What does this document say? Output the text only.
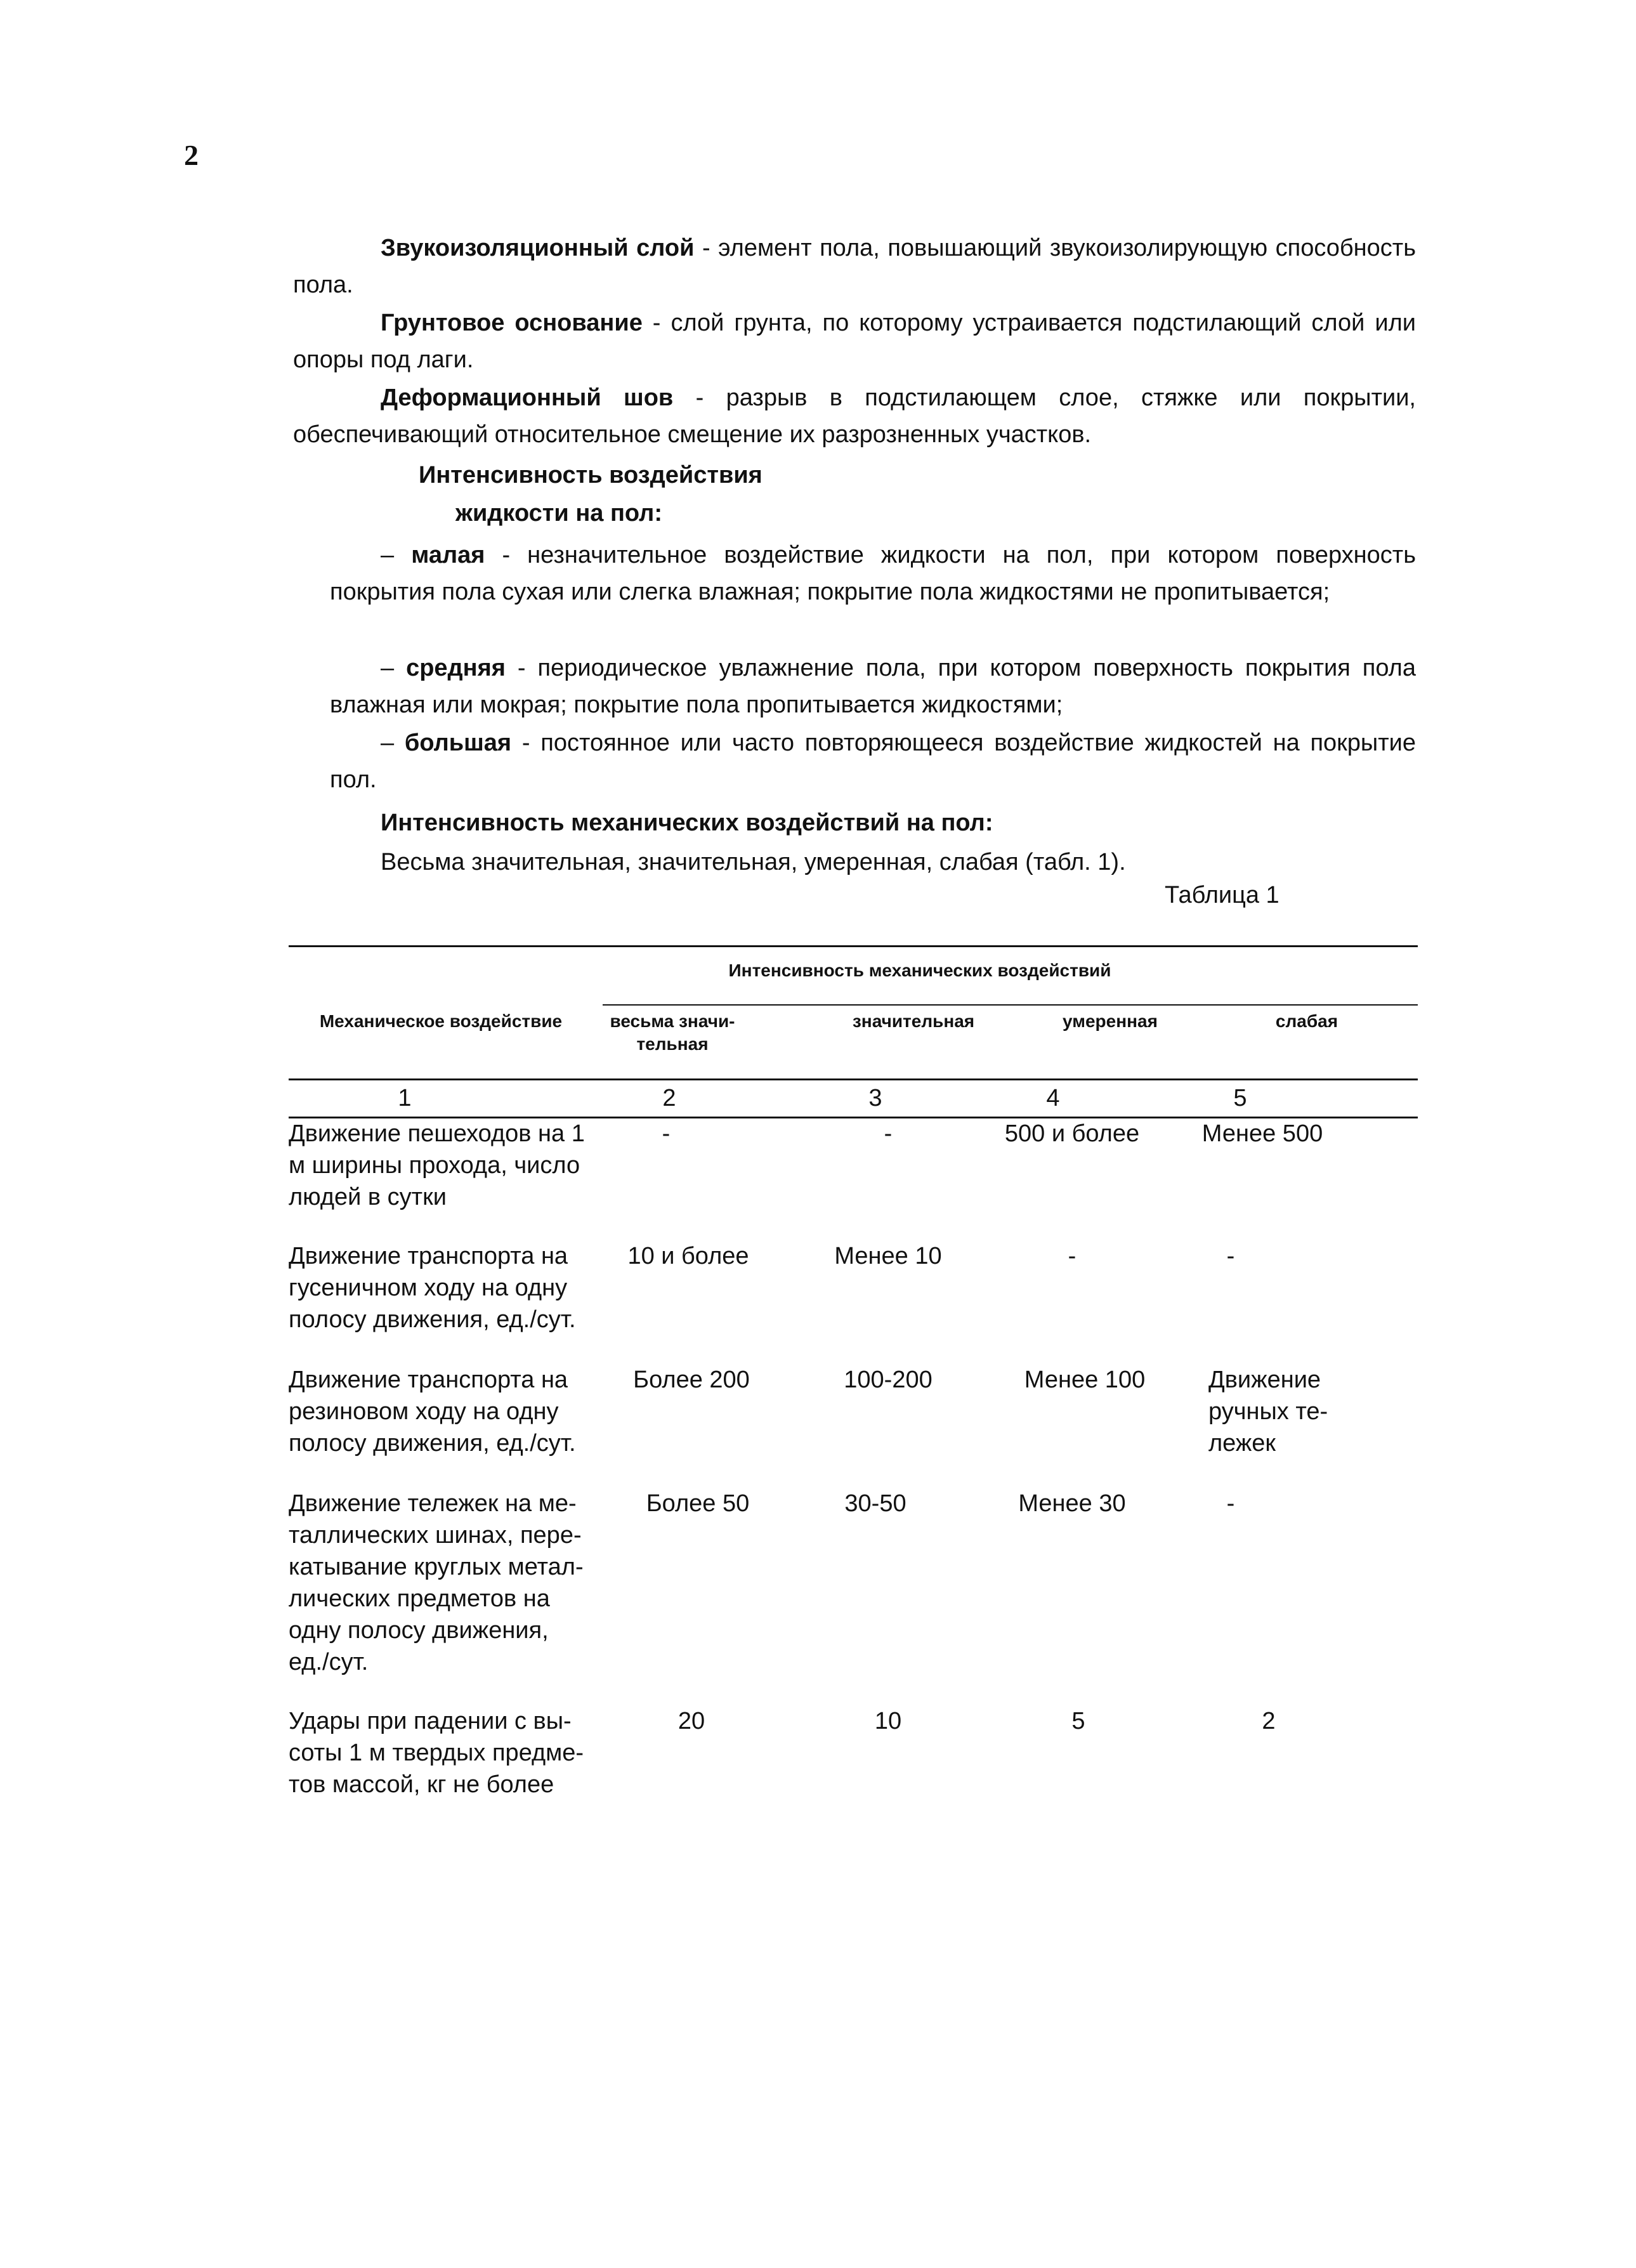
2
Звукоизоляционный слой - элемент пола, повышающий звукоизолирующую способность пола.
Грунтовое основание - слой грунта, по которому устраивается подстилающий слой или опоры под лаги.
Деформационный шов - разрыв в подстилающем слое, стяжке или покрытии, обеспечивающий относительное смещение их разрозненных участков.
Интенсивность воздействия
жидкости на пол:
– малая - незначительное воздействие жидкости на пол, при котором поверхность покрытия пола сухая или слегка влажная; покрытие пола жидкостями не пропитывается;
– средняя - периодическое увлажнение пола, при котором поверхность покрытия пола влажная или мокрая; покрытие пола пропитывается жидкостями;
– большая - постоянное или часто повторяющееся воздействие жидкостей на покрытие пол.
Интенсивность механических воздействий на пол:
Весьма значительная, значительная, умеренная, слабая (табл. 1).
Таблица 1
Интенсивность механических воздействий
Механическое воздействие	весьма значи-
тельная
значительная	умеренная	слабая
1	2	3	4	5
Движение пешеходов на 1
м ширины прохода, число
людей в сутки
-	-	500 и более	Менее 500
Движение транспорта на
гусеничном ходу на одну
полосу движения, ед./сут.
10 и более	Менее 10	-	-
Движение транспорта на
резиновом ходу на одну
полосу движения, ед./сут.
Более 200	100-200	Менее 100	Движение
ручных те-
лежек
Движение тележек на ме-
таллических шинах, пере-
катывание круглых метал-
лических предметов на
одну полосу движения,
ед./сут.
Более 50	30-50	Менее 30	-
Удары при падении с вы-
соты 1 м твердых предме-
тов массой, кг не более
20	10	5	2
